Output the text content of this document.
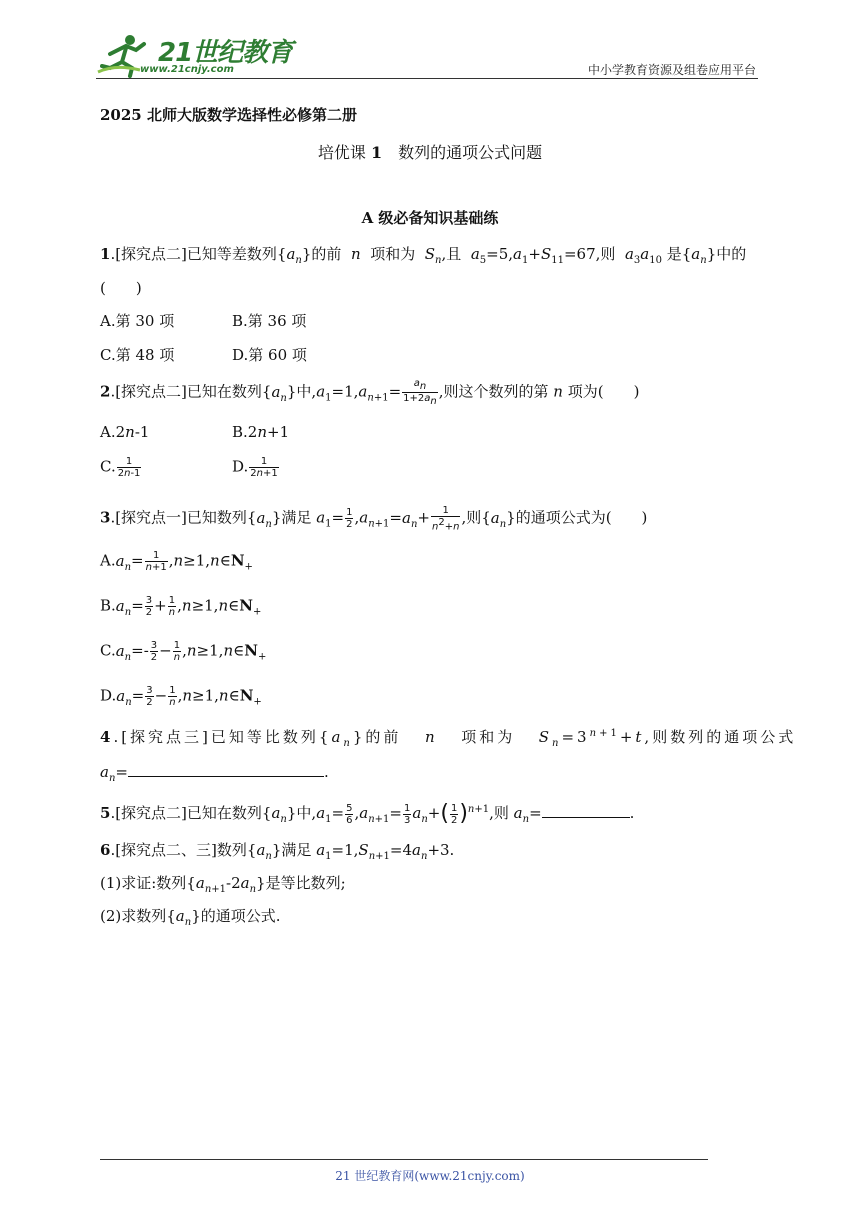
21世纪教育
www.21cnjy.com	中小学教育资源及组卷应用平台
2025 北师大版数学选择性必修第二册
培优课 1 数列的通项公式问题
A 级必备知识基础练
1.[探究点二]已知等差数列$\{a_n\}$的前 n 项和为 $S_n$,且 $a_5=5,a_1+S_{11}=67$,则 $a_3a_{10}$ 是$\{a_n\}$中的
(　　)
A.第 30 项	B.第 36 项
C.第 48 项	D.第 60 项
2.[探究点二]已知在数列$\{a_n\}$中$,a_1=1,a_{n+1}= \frac{a_n}{1+2a_n}$ ,则这个数列的第 n 项为(　　)
A.2n-1	B.2n+1
C. $\frac{1}{2n-1}$	D. $\frac{1}{2n+1}$
3.[探究点一]已知数列$\{a_n\}$满足 $a_1= \frac{1}{2} ,a_{n+1}=a_n+ \frac{1}{n^2+n}$ ,则$\{a_n\}$的通项公式为(　　)
$A.a_n= \frac{1}{n+1}$ $,n\ge 1,n\in N_+$
$B.a_n= \frac{3}{2} + \frac{1}{n}$ $,n\ge 1,n\in N_+$
$C.a_n=- \frac{3}{2} - \frac{1}{n}$ $,n\ge 1,n\in N_+$
$D.a_n= \frac{3}{2} - \frac{1}{n}$ $,n\ge 1,n\in N_+$
4.[探究点三]已知等比数列$\{a_n\}$的前 n 项和为 $S_n=3^{n+1}+t$,则数列的通项公式
$a_n=$	.
5.[探究点二]已知在数列$\{a_n\}$中$,a_1= \frac{5}{6} ,a_{n+1}= \frac{1}{3} a_n+( \frac{1}{2} )^{n+1}$,则 $a_n=$	.
6.[探究点二、三]数列$\{a_n\}$满足 $a_1=1,S_{n+1}=4a_n+3$.
(1)求证:数列$\{a_{n+1}-2a_n\}$是等比数列;
(2)求数列$\{a_n\}$的通项公式.
21 世纪教育网(www.21cnjy.com)
